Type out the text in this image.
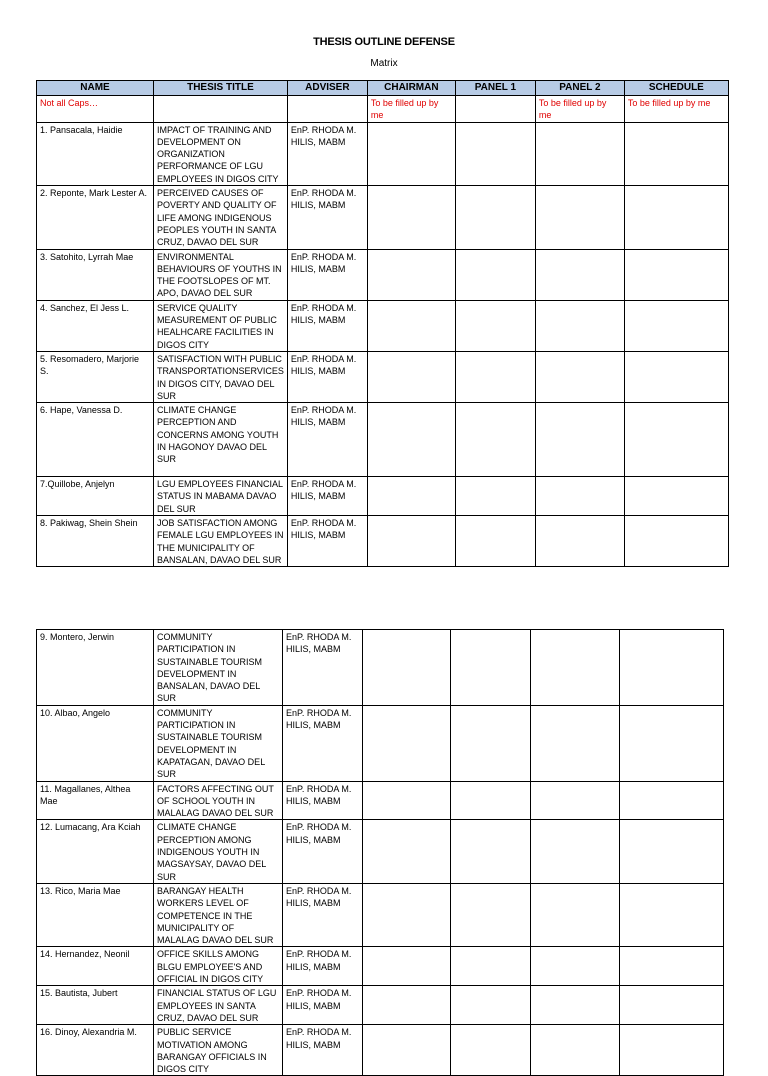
THESIS OUTLINE DEFENSE
Matrix
NAME	THESIS TITLE	ADVISER	CHAIRMAN	PANEL 1	PANEL 2	SCHEDULE
Not all Caps…			To be filled up by me		To be filled up by me	To be filled up by me
1. Pansacala, Haidie	IMPACT OF TRAINING AND DEVELOPMENT ON ORGANIZATION PERFORMANCE OF LGU EMPLOYEES IN DIGOS CITY	EnP. RHODA M. HILIS, MABM				
2. Reponte, Mark Lester A.	PERCEIVED CAUSES OF POVERTY AND QUALITY OF LIFE AMONG INDIGENOUS PEOPLES YOUTH IN SANTA CRUZ, DAVAO DEL SUR	EnP. RHODA M. HILIS, MABM				
3. Satohito, Lyrrah Mae	ENVIRONMENTAL BEHAVIOURS OF YOUTHS IN THE FOOTSLOPES OF MT. APO, DAVAO DEL SUR	EnP. RHODA M. HILIS, MABM				
4. Sanchez, El Jess L.	SERVICE QUALITY MEASUREMENT OF PUBLIC HEALHCARE FACILITIES IN DIGOS CITY	EnP. RHODA M. HILIS, MABM				
5. Resomadero, Marjorie S.	SATISFACTION WITH PUBLIC TRANSPORTATIONSERVICES IN DIGOS CITY, DAVAO DEL SUR	EnP. RHODA M. HILIS, MABM				
6. Hape, Vanessa D.	CLIMATE CHANGE PERCEPTION AND CONCERNS AMONG YOUTH IN HAGONOY DAVAO DEL SUR	EnP. RHODA M. HILIS, MABM				
7.Quillobe, Anjelyn	LGU EMPLOYEES FINANCIAL STATUS IN MABAMA DAVAO DEL SUR	EnP. RHODA M. HILIS, MABM				
8. Pakiwag, Shein Shein	JOB SATISFACTION AMONG FEMALE LGU EMPLOYEES IN THE MUNICIPALITY OF BANSALAN, DAVAO DEL SUR	EnP. RHODA M. HILIS, MABM				
9. Montero, Jerwin	COMMUNITY PARTICIPATION IN SUSTAINABLE TOURISM DEVELOPMENT IN BANSALAN, DAVAO DEL SUR	EnP. RHODA M. HILIS, MABM				
10. Albao, Angelo	COMMUNITY PARTICIPATION IN SUSTAINABLE TOURISM DEVELOPMENT IN KAPATAGAN, DAVAO DEL SUR	EnP. RHODA M. HILIS, MABM				
11. Magallanes, Althea Mae	FACTORS AFFECTING OUT OF SCHOOL YOUTH IN MALALAG DAVAO DEL SUR	EnP. RHODA M. HILIS, MABM				
12. Lumacang, Ara Kciah	CLIMATE CHANGE PERCEPTION AMONG INDIGENOUS YOUTH IN MAGSAYSAY, DAVAO DEL SUR	EnP. RHODA M. HILIS, MABM				
13. Rico, Maria Mae	BARANGAY HEALTH WORKERS LEVEL OF COMPETENCE IN THE MUNICIPALITY OF MALALAG DAVAO DEL SUR	EnP. RHODA M. HILIS, MABM				
14. Hernandez, Neonil	OFFICE SKILLS AMONG BLGU EMPLOYEE'S AND OFFICIAL IN DIGOS CITY	EnP. RHODA M. HILIS, MABM				
15. Bautista, Jubert	FINANCIAL STATUS OF LGU EMPLOYEES IN SANTA CRUZ, DAVAO DEL SUR	EnP. RHODA M. HILIS, MABM				
16. Dinoy, Alexandria M.	PUBLIC SERVICE MOTIVATION AMONG BARANGAY OFFICIALS IN DIGOS CITY	EnP. RHODA M. HILIS, MABM				
